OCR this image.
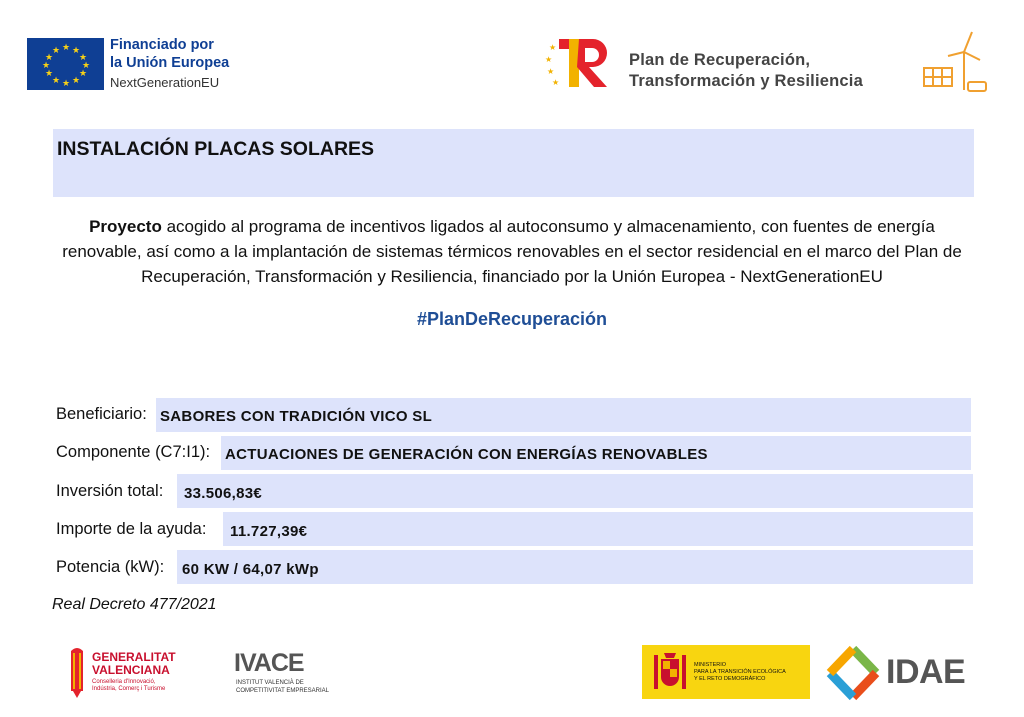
★ ★
★
★
★
★
★
★
★
★
★
★	Financiado por
la Unión Europea
NextGenerationEU
★
★
★
★
Plan de Recuperación,
Transformación y Resiliencia
INSTALACIÓN PLACAS SOLARES
Proyecto acogido al programa de incentivos ligados al autoconsumo y almacenamiento, con fuentes de energía renovable, así como a la implantación de sistemas térmicos renovables en el sector residencial en el marco del Plan de Recuperación, Transformación y Resiliencia, financiado por la Unión Europea - NextGenerationEU
#PlanDeRecuperación
Beneficiario: SABORES CON TRADICIÓN VICO SL
Componente (C7:I1): ACTUACIONES DE GENERACIÓN CON ENERGÍAS RENOVABLES
Inversión total: 33.506,83€
Importe de la ayuda: 11.727,39€
Potencia (kW): 60 KW / 64,07 kWp
Real Decreto 477/2021
GENERALITAT
VALENCIANA
Conselleria d'Innovació,
Indústria, Comerç i Turisme
IVACE
INSTITUT VALENCIÀ DE
COMPETITIVITAT EMPRESARIAL
MINISTERIO
PARA LA TRANSICIÓN ECOLÓGICA
Y EL RETO DEMOGRÁFICO	IDAE
